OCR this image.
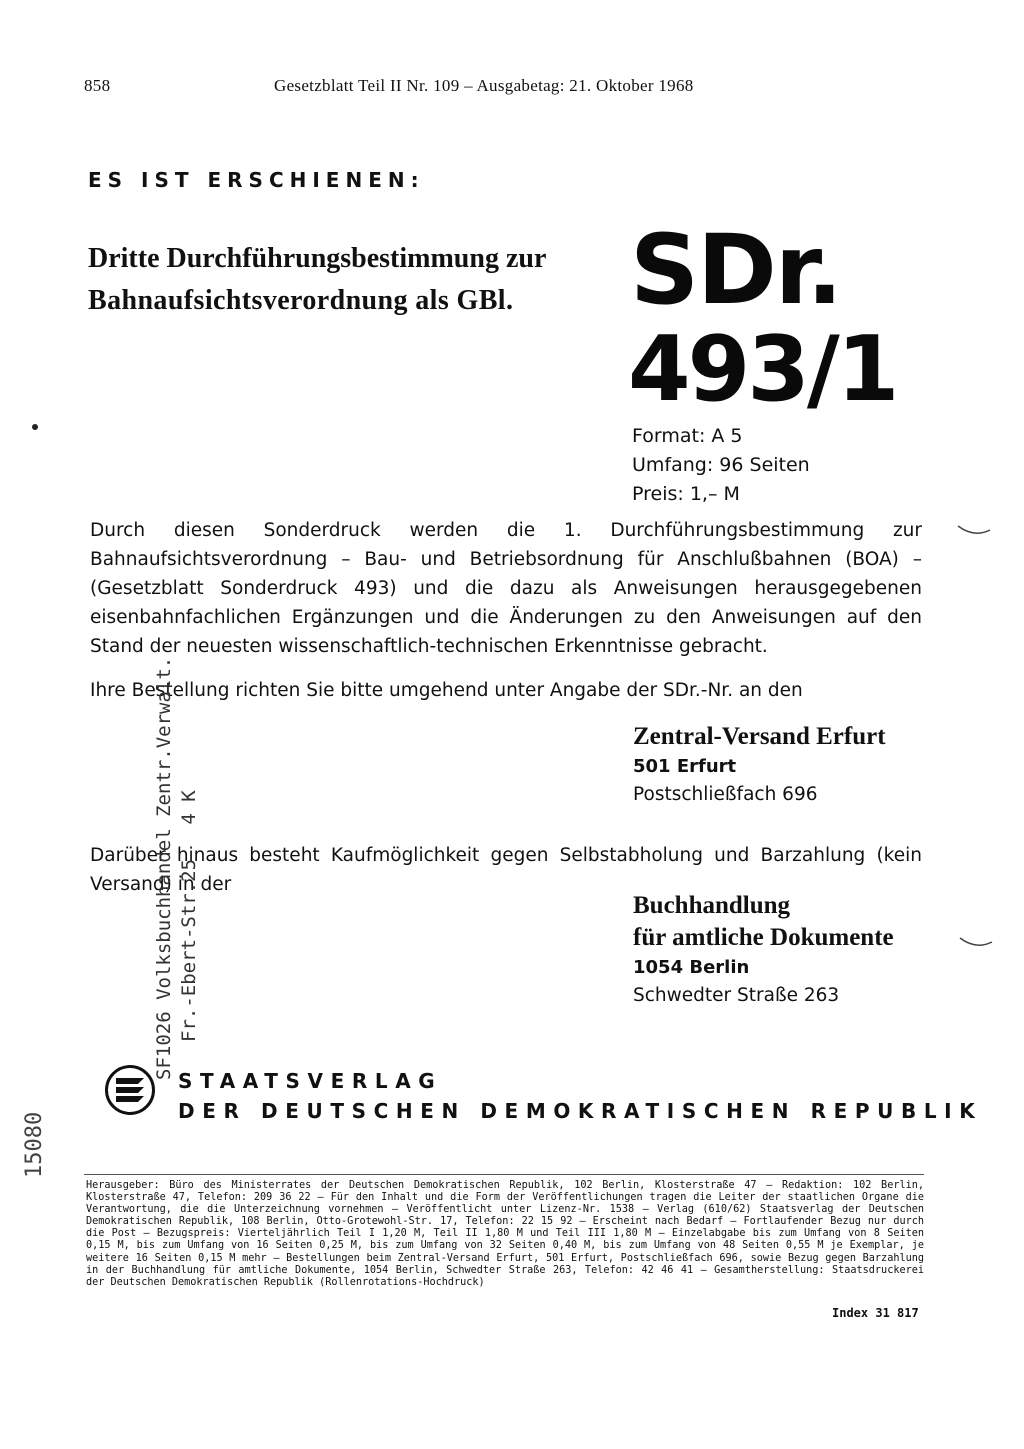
858	Gesetzblatt Teil II Nr. 109 – Ausgabetag: 21. Oktober 1968
ES IST ERSCHIENEN:
Dritte Durchführungsbestimmung zur
Bahnaufsichtsverordnung als GBl.	SDr.
493/1
Format: A 5
Umfang: 96 Seiten
Preis: 1,– M
Durch diesen Sonderdruck werden die 1. Durchführungsbestimmung zur Bahnaufsichtsverordnung – Bau- und Betriebsordnung für Anschlußbahnen (BOA) – (Gesetzblatt Sonderdruck 493) und die dazu als Anweisungen herausgegebenen eisenbahnfachlichen Ergänzungen und die Änderungen zu den Anweisungen auf den Stand der neuesten wissenschaftlich-technischen Erkenntnisse gebracht.
Ihre Bestellung richten Sie bitte umgehend unter Angabe der SDr.-Nr. an den
Zentral-Versand Erfurt
501 Erfurt
Postschließfach 696
Darüber hinaus besteht Kaufmöglichkeit gegen Selbstabholung und Barzahlung (kein Versand) in der
Buchhandlung
für amtliche Dokumente
1054 Berlin
Schwedter Straße 263
STAATSVERLAG
DER DEUTSCHEN DEMOKRATISCHEN REPUBLIK
SF1026 Volksbuchhandel Zentr.Verwalt. Fr.-Ebert-Str.25   4 K
15080
Herausgeber: Büro des Ministerrates der Deutschen Demokratischen Republik, 102 Berlin, Klosterstraße 47 – Redaktion: 102 Berlin, Klosterstraße 47, Telefon: 209 36 22 – Für den Inhalt und die Form der Veröffentlichungen tragen die Leiter der staatlichen Organe die Verantwortung, die die Unterzeichnung vornehmen – Veröffentlicht unter Lizenz-Nr. 1538 – Verlag (610/62) Staatsverlag der Deutschen Demokratischen Republik, 108 Berlin, Otto-Grotewohl-Str. 17, Telefon: 22 15 92 – Erscheint nach Bedarf – Fortlaufender Bezug nur durch die Post – Bezugspreis: Vierteljährlich Teil I 1,20 M, Teil II 1,80 M und Teil III 1,80 M – Einzelabgabe bis zum Umfang von 8 Seiten 0,15 M, bis zum Umfang von 16 Seiten 0,25 M, bis zum Umfang von 32 Seiten 0,40 M, bis zum Umfang von 48 Seiten 0,55 M je Exemplar, je weitere 16 Seiten 0,15 M mehr – Bestellungen beim Zentral-Versand Erfurt, 501 Erfurt, Postschließfach 696, sowie Bezug gegen Barzahlung in der Buchhandlung für amtliche Dokumente, 1054 Berlin, Schwedter Straße 263, Telefon: 42 46 41 – Gesamtherstellung: Staatsdruckerei der Deutschen Demokratischen Republik (Rollenrotations-Hochdruck)
Index 31 817
